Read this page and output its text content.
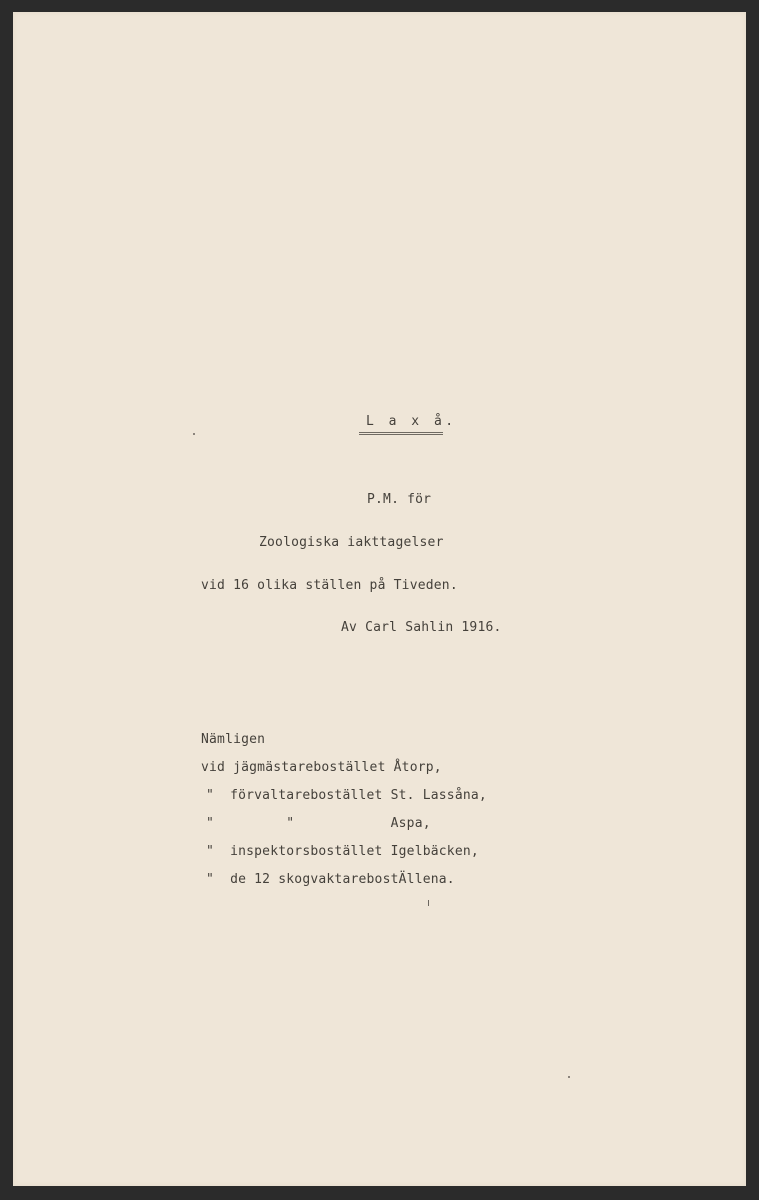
L a x å.

P.M. för

Zoologiska iakttagelser

vid 16 olika ställen på Tiveden.

Av Carl Sahlin 1916.

Nämligen

vid jägmästarebostället Åtorp,

"  förvaltarebostället St. Lassåna,

"         "            Aspa,

"  inspektorsbostället Igelbäcken,

"  de 12 skogvaktarebostÄllena.
